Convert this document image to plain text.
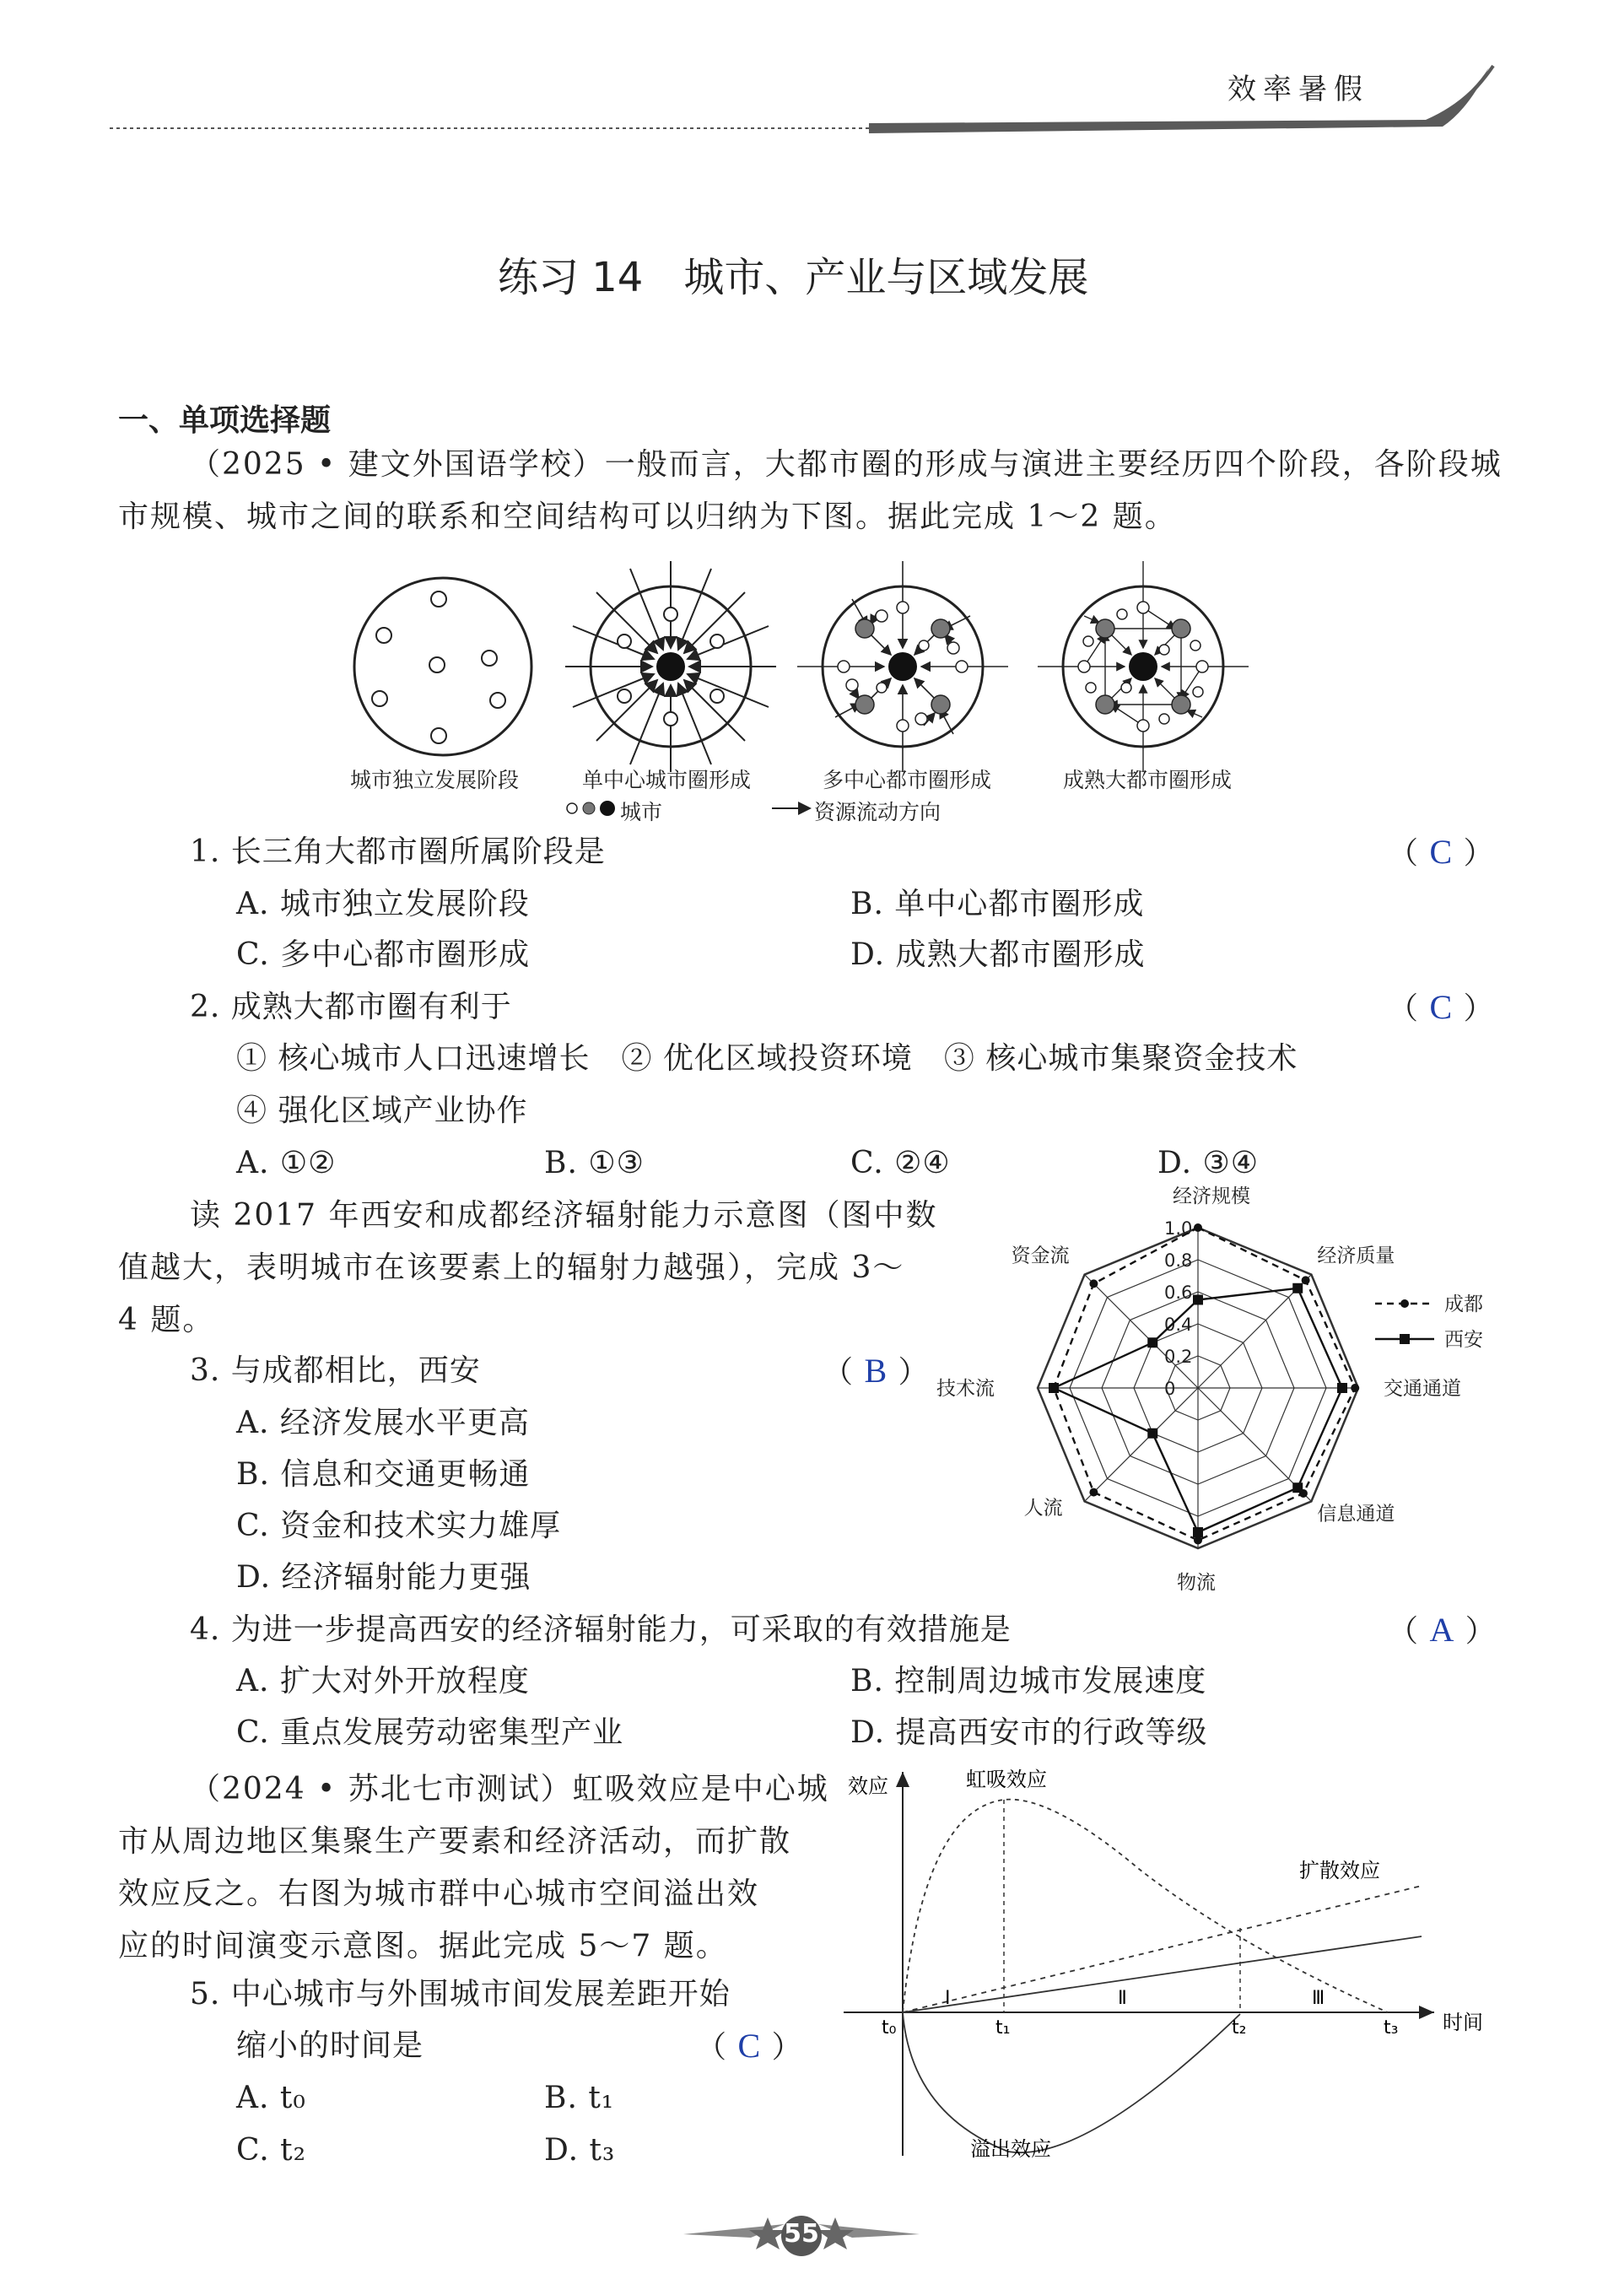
效率暑假
练习 14　城市、产业与区域发展
一、单项选择题
（2025 • 建文外国语学校）一般而言，大都市圈的形成与演进主要经历四个阶段，各阶段城
市规模、城市之间的联系和空间结构可以归纳为下图。据此完成 1～2 题。
城市独立发展阶段	单中心城市圈形成	多中心都市圈形成	成熟大都市圈形成
城市	资源流动方向
1. 长三角大都市圈所属阶段是	（ C ）
A. 城市独立发展阶段	B. 单中心都市圈形成
C. 多中心都市圈形成	D. 成熟大都市圈形成
2. 成熟大都市圈有利于	（ C ）
① 核心城市人口迅速增长　② 优化区域投资环境　③ 核心城市集聚资金技术
④ 强化区域产业协作
A. ①②	B. ①③	C. ②④	D. ③④
读 2017 年西安和成都经济辐射能力示意图（图中数
值越大，表明城市在该要素上的辐射力越强），完成 3～
4 题。
3. 与成都相比，西安	（ B ）
A. 经济发展水平更高
B. 信息和交通更畅通
C. 资金和技术实力雄厚
D. 经济辐射能力更强
经济规模
经济质量
交通通道
信息通道
物流
人流
技术流
资金流
1.0
0.8
0.6
0.4
0.2
0
成都
西安
4. 为进一步提高西安的经济辐射能力，可采取的有效措施是	（ A ）
A. 扩大对外开放程度	B. 控制周边城市发展速度
C. 重点发展劳动密集型产业	D. 提高西安市的行政等级
（2024 • 苏北七市测试）虹吸效应是中心城
市从周边地区集聚生产要素和经济活动，而扩散
效应反之。右图为城市群中心城市空间溢出效
应的时间演变示意图。据此完成 5～7 题。
5. 中心城市与外围城市间发展差距开始
缩小的时间是	（ C ）
A. t₀	B. t₁
C. t₂	D. t₃
效应
时间
虹吸效应
扩散效应
溢出效应
t₀	t₁	t₂	t₃
Ⅰ	Ⅱ	Ⅲ
55
